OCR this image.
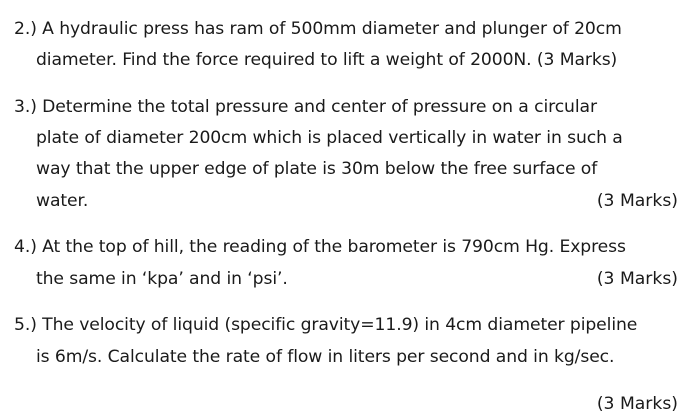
2.) A hydraulic press has ram of 500mm diameter and plunger of 20cm
diameter. Find the force required to lift a weight of 2000N. (3 Marks)
3.) Determine the total pressure and center of pressure on a circular
plate of diameter 200cm which is placed vertically in water in such a
way that the upper edge of plate is 30m below the free surface of
water.	(3 Marks)
4.) At the top of hill, the reading of the barometer is 790cm Hg. Express
the same in ‘kpa’ and in ‘psi’.	(3 Marks)
5.) The velocity of liquid (specific gravity=11.9) in 4cm diameter pipeline
is 6m/s. Calculate the rate of flow in liters per second and in kg/sec.
(3 Marks)
